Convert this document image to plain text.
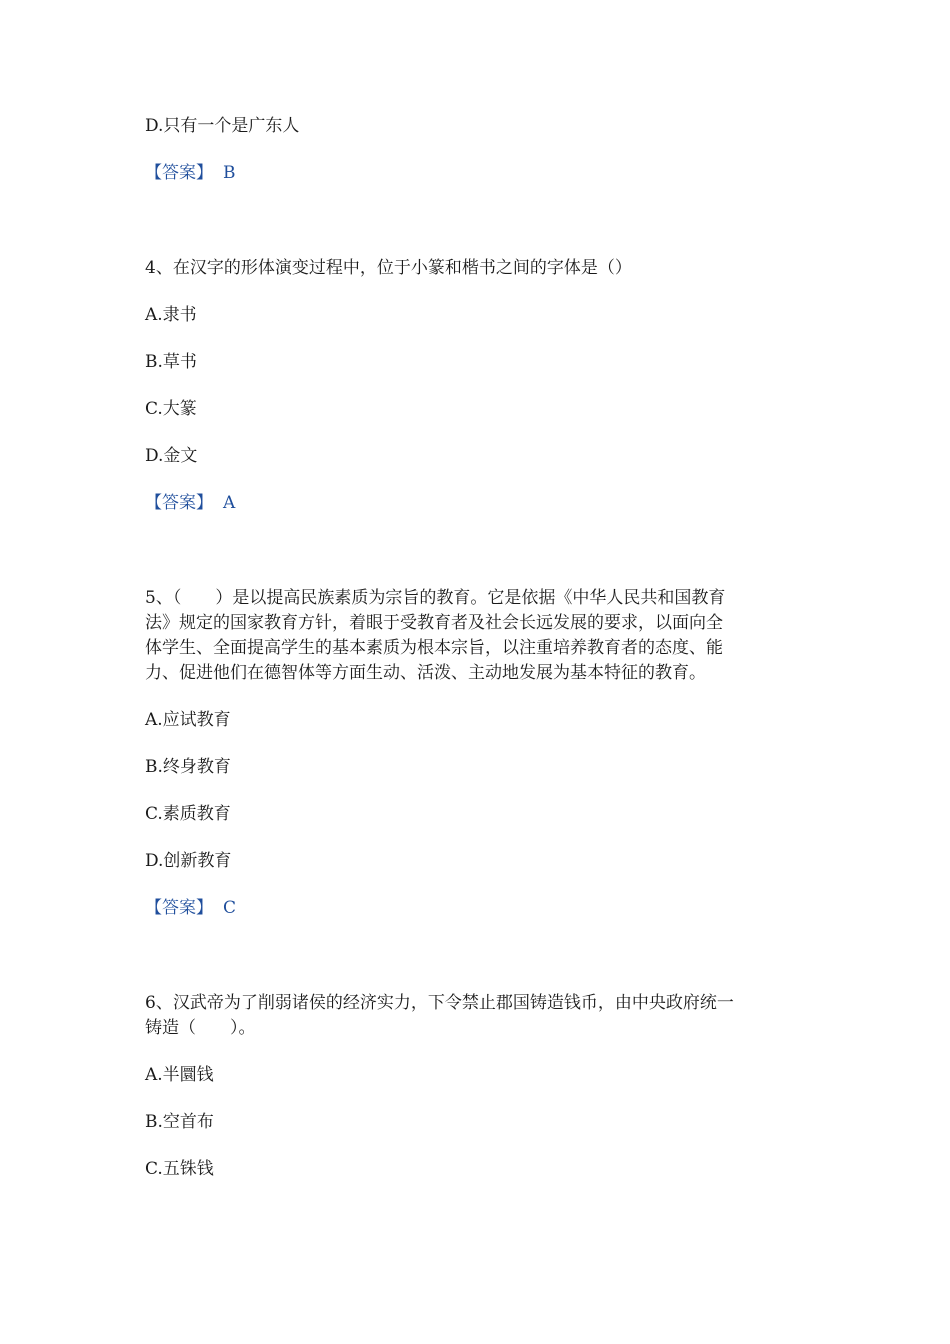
D.只有一个是广东人
【答案】 B
4、在汉字的形体演变过程中，位于小篆和楷书之间的字体是（）
A.隶书
B.草书
C.大篆
D.金文
【答案】 A
5、（　　）是以提高民族素质为宗旨的教育。它是依据《中华人民共和国教育
法》规定的国家教育方针，着眼于受教育者及社会长远发展的要求，以面向全
体学生、全面提高学生的基本素质为根本宗旨，以注重培养教育者的态度、能
力、促进他们在德智体等方面生动、活泼、主动地发展为基本特征的教育。
A.应试教育
B.终身教育
C.素质教育
D.创新教育
【答案】 C
6、汉武帝为了削弱诸侯的经济实力，下令禁止郡国铸造钱币，由中央政府统一
铸造（　　）。
A.半圜钱
B.空首布
C.五铢钱
